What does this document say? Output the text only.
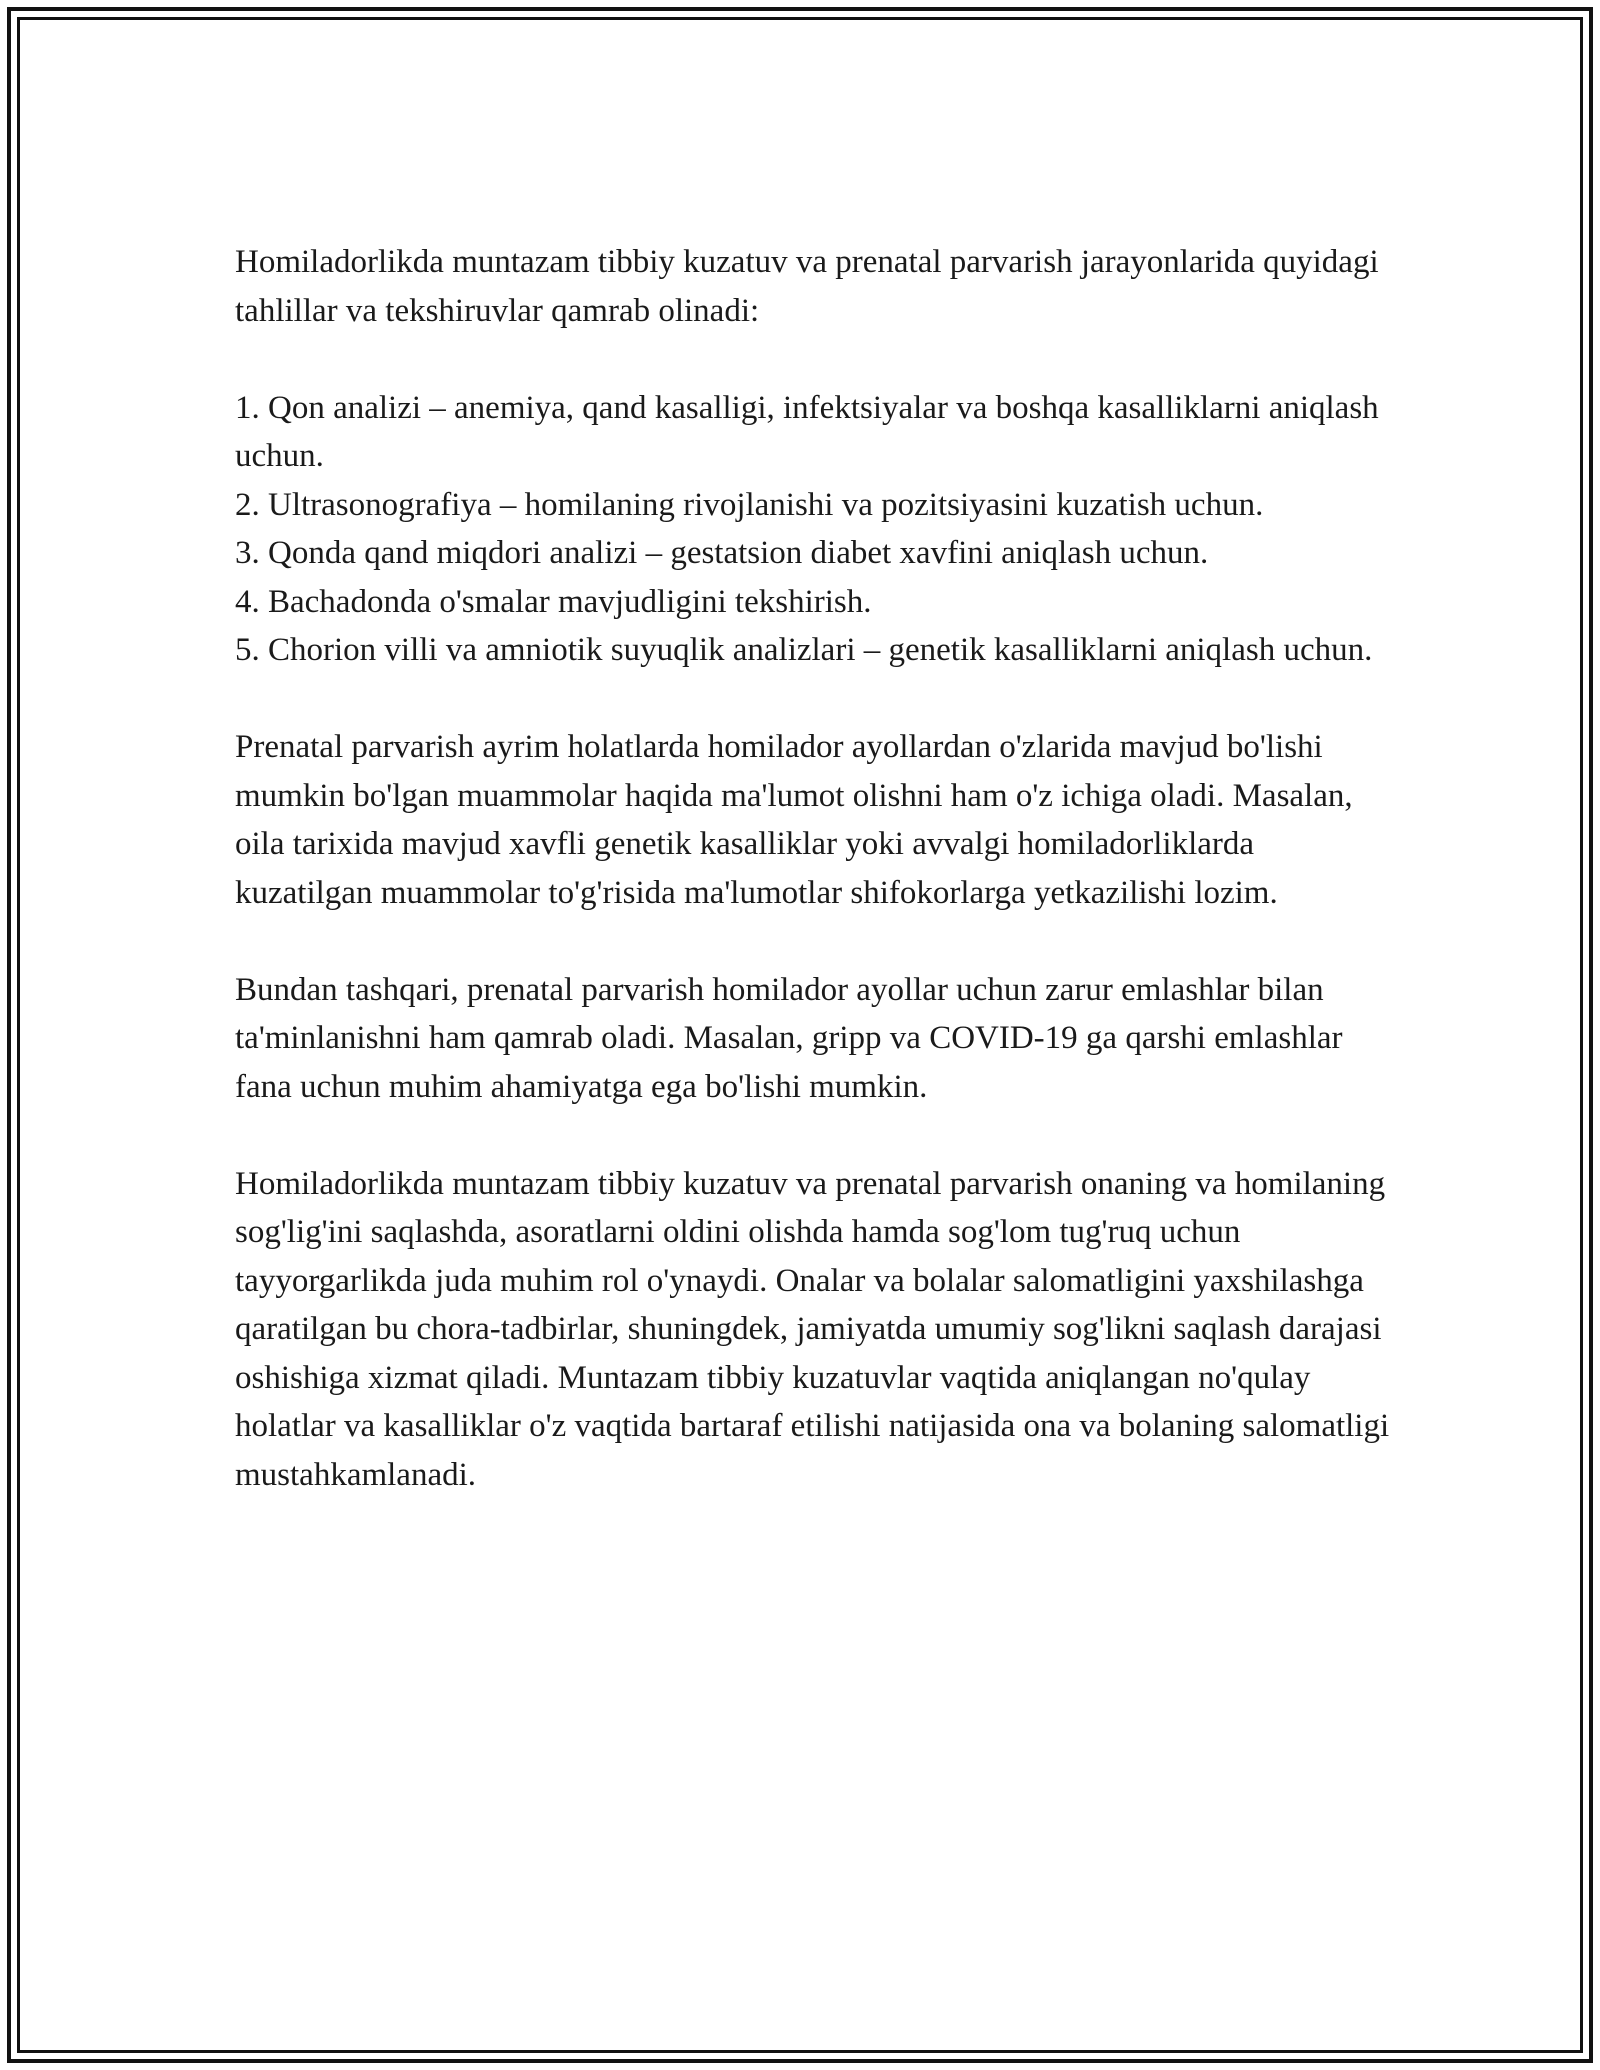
Homiladorlikda muntazam tibbiy kuzatuv va prenatal parvarish jarayonlarida quyidagi tahlillar va tekshiruvlar qamrab olinadi:

1. Qon analizi – anemiya, qand kasalligi, infektsiyalar va boshqa kasalliklarni aniqlash uchun.
2. Ultrasonografiya – homilaning rivojlanishi va pozitsiyasini kuzatish uchun.
3. Qonda qand miqdori analizi – gestatsion diabet xavfini aniqlash uchun.
4. Bachadonda o'smalar mavjudligini tekshirish.
5. Chorion villi va amniotik suyuqlik analizlari – genetik kasalliklarni aniqlash uchun.

Prenatal parvarish ayrim holatlarda homilador ayollardan o'zlarida mavjud bo'lishi mumkin bo'lgan muammolar haqida ma'lumot olishni ham o'z ichiga oladi. Masalan, oila tarixida mavjud xavfli genetik kasalliklar yoki avvalgi homiladorliklarda kuzatilgan muammolar to'g'risida ma'lumotlar shifokorlarga yetkazilishi lozim.

Bundan tashqari, prenatal parvarish homilador ayollar uchun zarur emlashlar bilan ta'minlanishni ham qamrab oladi. Masalan, gripp va COVID-19 ga qarshi emlashlar fana uchun muhim ahamiyatga ega bo'lishi mumkin.

Homiladorlikda muntazam tibbiy kuzatuv va prenatal parvarish onaning va homilaning sog'lig'ini saqlashda, asoratlarni oldini olishda hamda sog'lom tug'ruq uchun tayyorgarlikda juda muhim rol o'ynaydi. Onalar va bolalar salomatligini yaxshilashga qaratilgan bu chora-tadbirlar, shuningdek, jamiyatda umumiy sog'likni saqlash darajasi oshishiga xizmat qiladi. Muntazam tibbiy kuzatuvlar vaqtida aniqlangan no'qulay holatlar va kasalliklar o'z vaqtida bartaraf etilishi natijasida ona va bolaning salomatligi mustahkamlanadi.
